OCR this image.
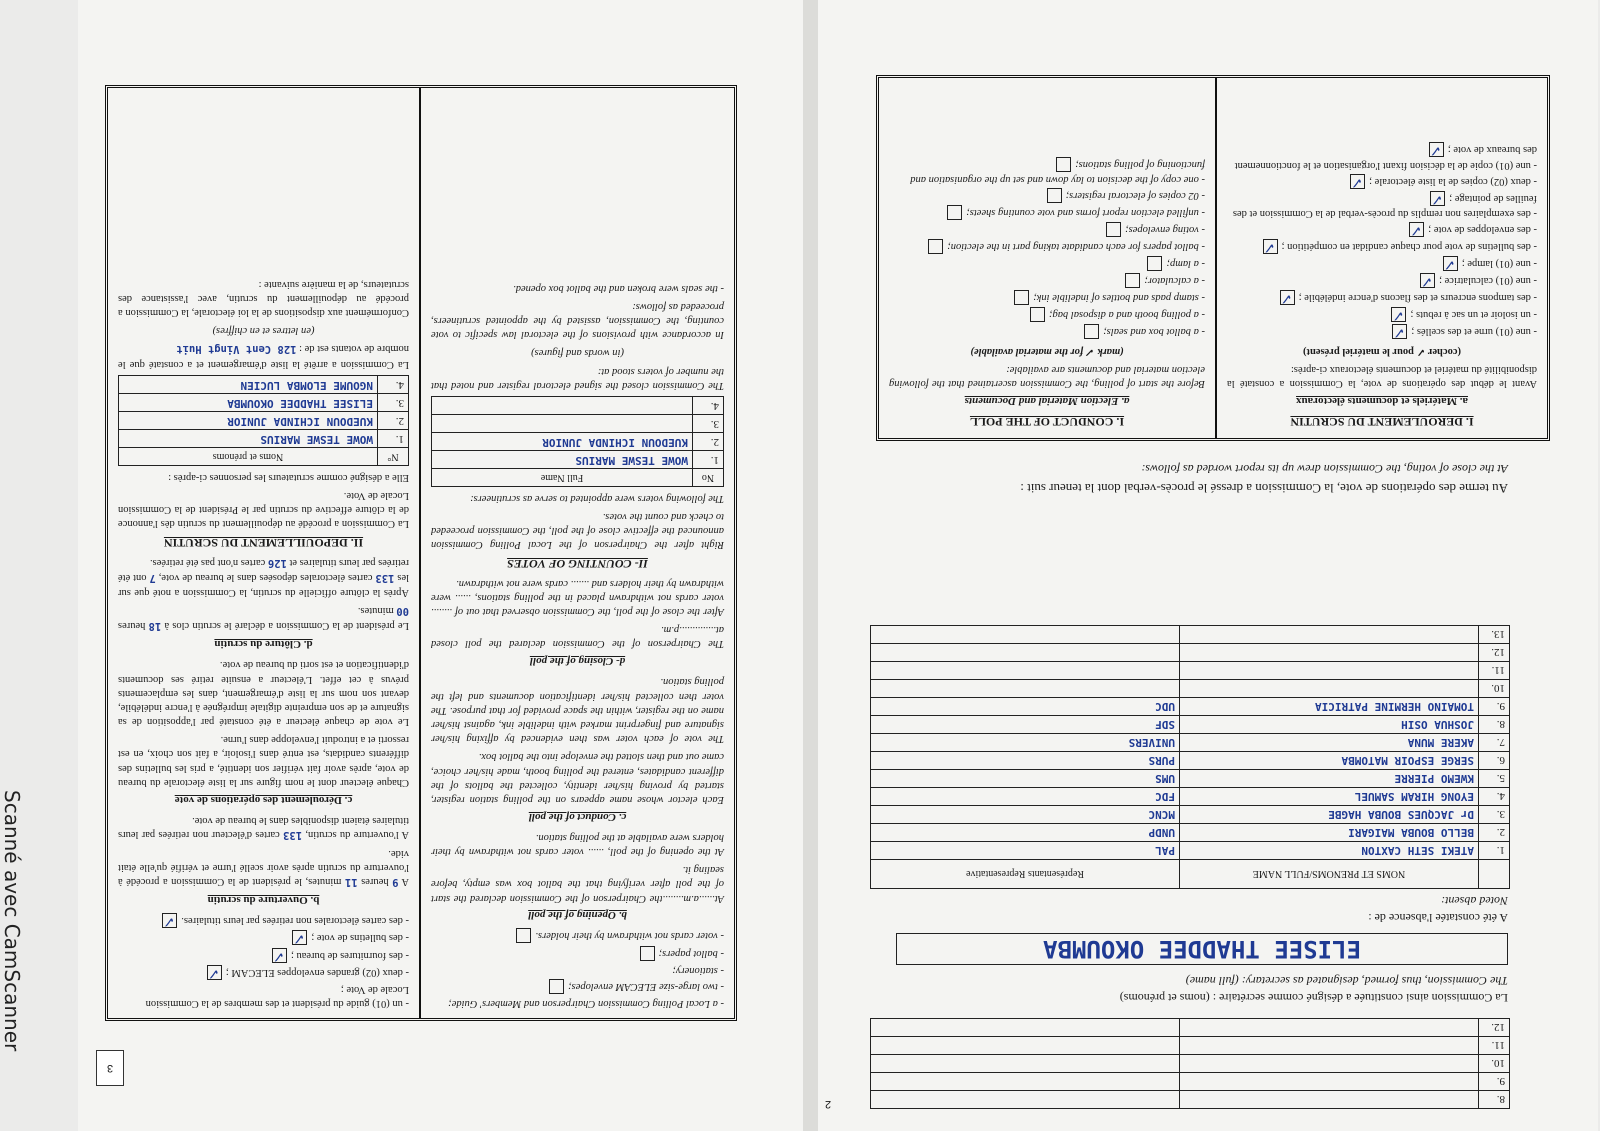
3
- un (01) guide du président et des membres de la Commission Locale de Vote ;
- deux (02) grandes enveloppes ELECAM ;✓
- des fournitures de bureau ;✓
- des bulletins de vote ;✓
- des cartes électorales non retirées par leurs titulaires.✓
b. Ouverture du scrutin

A 9 heures 11 minutes, le président de la Commission a procédé à l'ouverture du scrutin après avoir scellé l'urne et vérifié qu'elle était vide.

A l'ouverture du scrutin, 133 cartes d'électeur non retirées par leurs titulaires étaient disponibles dans le bureau de vote.

c. Déroulement des opérations de vote

Chaque électeur dont le nom figure sur la liste électorale du bureau de vote, après avoir fait vérifier son identité, a pris les bulletins des différents candidats, est entré dans l'isoloir, a fait son choix, en est ressorti et a introduit l'enveloppe dans l'urne.

Le vote de chaque électeur a été constaté par l'apposition de sa signature et de son empreinte digitale imprégnée à l'encre indélébile, devant son nom sur la liste d'émargement, dans les emplacements prévus à cet effet. L'électeur a ensuite retiré ses documents d'identification et est sorti du bureau de vote.

d. Clôture du scrutin

Le président de la Commission a déclaré le scrutin clos à 18 heures 00 minutes.

Après la clôture officielle du scrutin, la Commission a noté que sur les 133 cartes électorales déposées dans le bureau de vote, 7 ont été retirées par leurs titulaires et 126 cartes n'ont pas été retirées.

II. DEPOUILLEMENT DU SCRUTIN

La Commission a procédé au dépouillement du scrutin dès l'annonce de la clôture effective du scrutin par le Président de la Commission Locale de Vote.

Elle a désigné comme scrutateurs les personnes ci-après :

N°	Noms et prénoms
1.	WOWE TESWE MARIUS
2.	KUEDOUN ICHINDA JUNIOR
3.	ELISEE THADDEE OKOUMBA
4.	NGOUME ELOMBA LUCIEN

La Commission a arrêté la liste d'émargement et a constaté que le nombre de votants est de : 128 Cent Vingt Huit

(en lettres et en chiffres)

Conformément aux dispositions de la loi électorale, la Commission a procédé au dépouillement du scrutin, avec l'assistance des scrutateurs, de la manière suivante :

- a Local Polling Commission Chairperson and Members' Guide;
- two large-size ELECAM envelopes;
- stationery;
- ballot papers;
- voter cards not withdrawn by their holders.
b. Opening of the poll

At......a.m........the Chairperson of the Commission declared the start of the poll after verifying that the ballot box was empty, before sealing it.

At the opening of the poll, ...... voter cards not withdrawn by their holders were available at the polling station.

c. Conduct of the poll

Each elector whose name appears on the polling station register, started by proving his/her identity, collected the ballots of the different candidates, entered the polling booth, made his/her choice, came out and then slotted the envelope into the ballot box.

The vote of each voter was then evidenced by affixing his/her signature and fingerprint marked with indelible ink, against his/her name on the register, within the space provided for that purpose. The voter then collected his/her identification documents and left the polling station.

d- Closing of the poll

The Chairperson of the Commission declared the poll closed at..............p.m.

After the close of the poll, the Commission observed that out of ........ voter cards not withdrawn placed in the polling stations, ...... were withdrawn by their holders and ....... cards were not withdrawn.

II- COUNTING OF VOTES

Right after the Chairperson of the Local Polling Commission announced the effective close of the poll, the Commission proceeded to check and count the votes.

The following voters were appointed to serve as scrutineers:

No	Full Name
1.	WOWE TESWE MARIUS
2.	KUEDOUN ICHINDA JUNIOR
3.	
4.	

The Commission closed the signed electoral register and noted that the number of voters stood at:

(in words and figures)

In accordance with provisions of the electoral law specific to vote counting, the Commission, assisted by the appointed scrutineers, proceeded as follows:

- the seals were broken and the ballot box opened.

2	8.		
9.		
10.		
11.		
12.		
La Commission ainsi constituée a désigné comme secrétaire : (noms et prénoms)
The Commission, thus formed, designated as secretary: (full name)
ELISEE THADDEE OKOUMBA
A été constatée l'absence de :
Noted absent:
	NOMS ET PRENOMS/FULL NAME	Représentants Representative
1.	ATEKI SETH CAXTON	PAL
2.	BELLO BOUBA MAIGARI	UNDP
3.	Dr JACQUES BOUBA HAGBE	MCNC
4.	EYONG HIRAM SAMUEL	FDC
5.	KWEMO PIERRE	UMS
6.	SERGE ESPOIR MATOMBA	PURS
7.	AKERE MUNA	UNIVERS
8.	JOSHUA OSIH	SDF
9.	TOMAINO HERMINE PATRICIA	UDC
10.		
11.		
12.		
13.		
Au terme des opérations de vote, la Commission a dressé le procès-verbal dont la teneur suit :
At the close of voting, the Commission drew up its report worded as follows:
I. DEROULEMENT DU SCRUTIN
a. Matériels et documents électoraux

Avant le début des opérations de vote, la Commission a constaté la disponibilité du matériel et documents électoraux ci-après:

(cocher ✓ pour le matériel présent)

- une (01) urne et des scellés ;✓
- un isoloir et un sac à rebuts ;✓
- des tampons encreurs et des flacons d'encre indélébile ;✓
- une (01) calculatrice ;✓
- une (01) lampe ;✓
- des bulletins de vote pour chaque candidat en compétition ;✓
- des enveloppes de vote ;✓
- des exemplaires non remplis du procès-verbal de la Commission et des feuilles de pointage ;✓
- deux (02) copies de la liste électorale ;✓
- une (01) copie de la décision fixant l'organisation et le fonctionnement des bureaux de vote ;✓
I. CONDUCT OF THE POLL
a. Election Material and Documents

Before the start of polling, the Commission ascertained that the following election material and documents are available:

(mark ✓ for the material available)

- a ballot box and seals;
- a polling booth and a disposal bag;
- stamp pads and bottles of indelible ink;
- a calculator;
- a lamp;
- ballot papers for each candidate taking part in the election;
- voting envelopes;
- unfilled election report forms and vote counting sheets;
- 02 copies of electoral registers;
- one copy of the decision to lay down and set up the organisation and functioning of polling stations;
Scanné avec CamScanner
